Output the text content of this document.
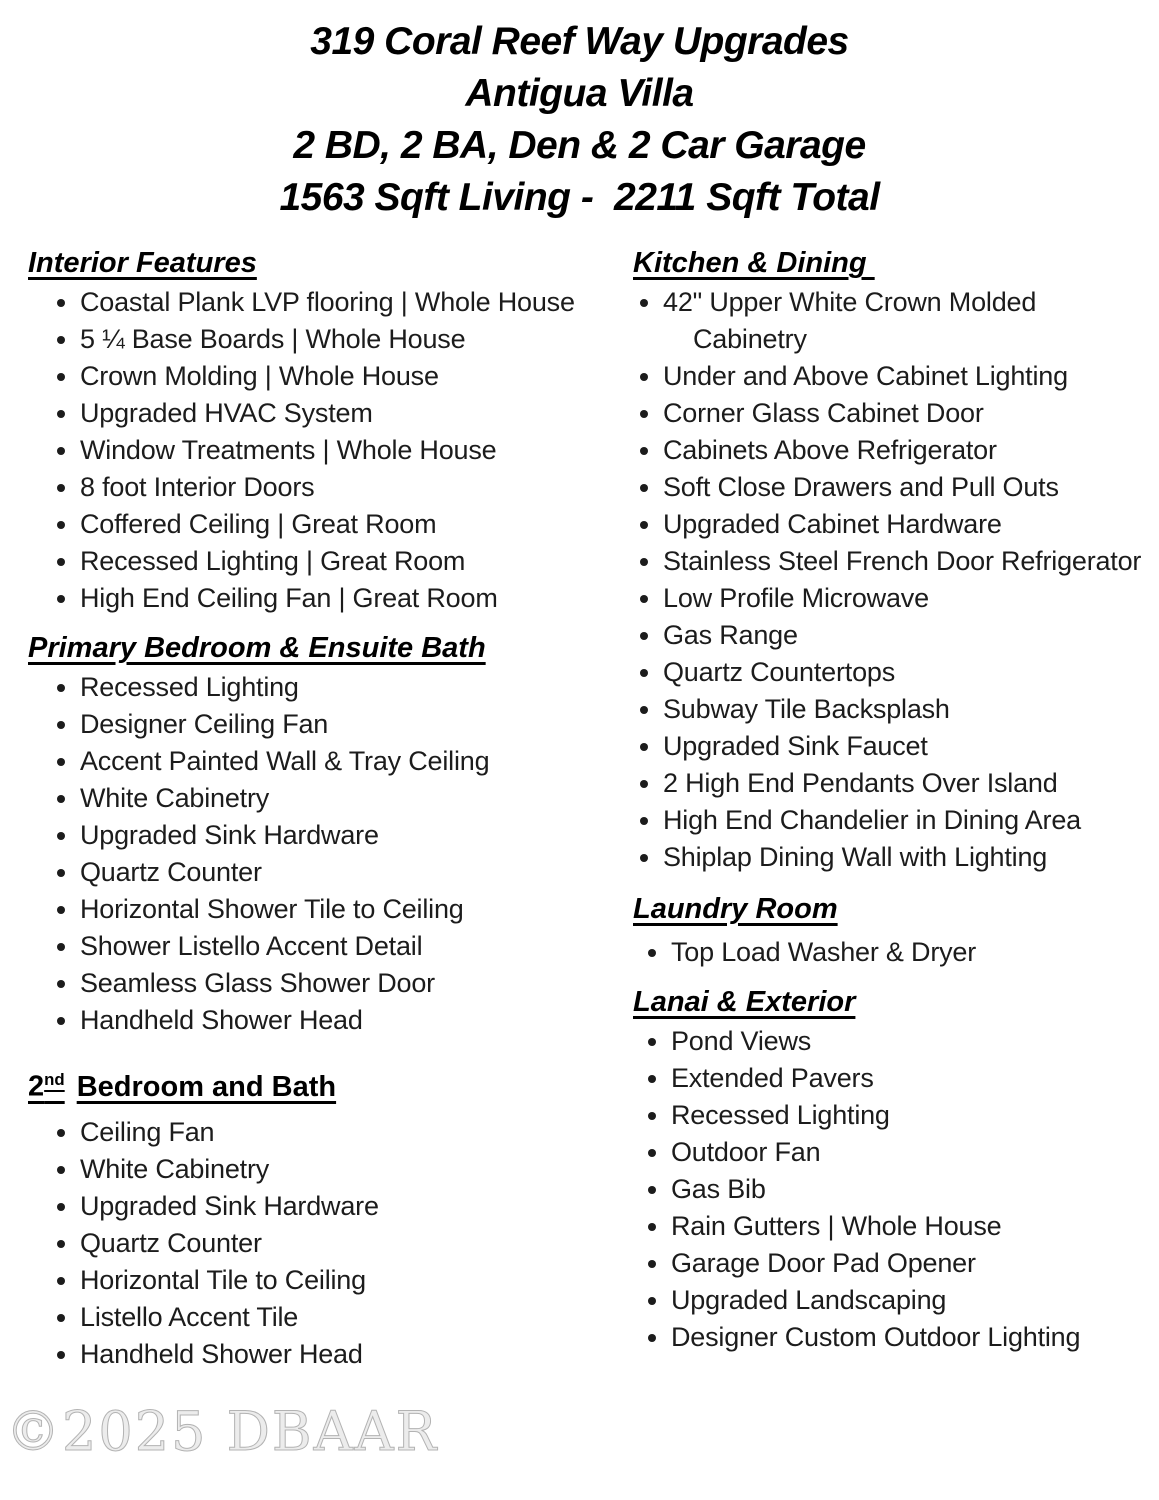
319 Coral Reef Way Upgrades
Antigua Villa
2 BD, 2 BA, Den & 2 Car Garage
1563 Sqft Living -  2211 Sqft Total
Interior Features
• Coastal Plank LVP flooring | Whole House
• 5 ¼ Base Boards | Whole House
• Crown Molding | Whole House
• Upgraded HVAC System
• Window Treatments | Whole House
• 8 foot Interior Doors
• Coffered Ceiling | Great Room
• Recessed Lighting | Great Room
• High End Ceiling Fan | Great Room
Primary Bedroom & Ensuite Bath
• Recessed Lighting
• Designer Ceiling Fan
• Accent Painted Wall & Tray Ceiling
• White Cabinetry
• Upgraded Sink Hardware
• Quartz Counter
• Horizontal Shower Tile to Ceiling
• Shower Listello Accent Detail
• Seamless Glass Shower Door
• Handheld Shower Head
2nd Bedroom and Bath
• Ceiling Fan
• White Cabinetry
• Upgraded Sink Hardware
• Quartz Counter
• Horizontal Tile to Ceiling
• Listello Accent Tile
• Handheld Shower Head
Kitchen & Dining
• 42" Upper White Crown Molded Cabinetry
• Under and Above Cabinet Lighting
• Corner Glass Cabinet Door
• Cabinets Above Refrigerator
• Soft Close Drawers and Pull Outs
• Upgraded Cabinet Hardware
• Stainless Steel French Door Refrigerator
• Low Profile Microwave
• Gas Range
• Quartz Countertops
• Subway Tile Backsplash
• Upgraded Sink Faucet
• 2 High End Pendants Over Island
• High End Chandelier in Dining Area
• Shiplap Dining Wall with Lighting
Laundry Room
• Top Load Washer & Dryer
Lanai & Exterior
• Pond Views
• Extended Pavers
• Recessed Lighting
• Outdoor Fan
• Gas Bib
• Rain Gutters | Whole House
• Garage Door Pad Opener
• Upgraded Landscaping
• Designer Custom Outdoor Lighting
©2025 DBAAR
